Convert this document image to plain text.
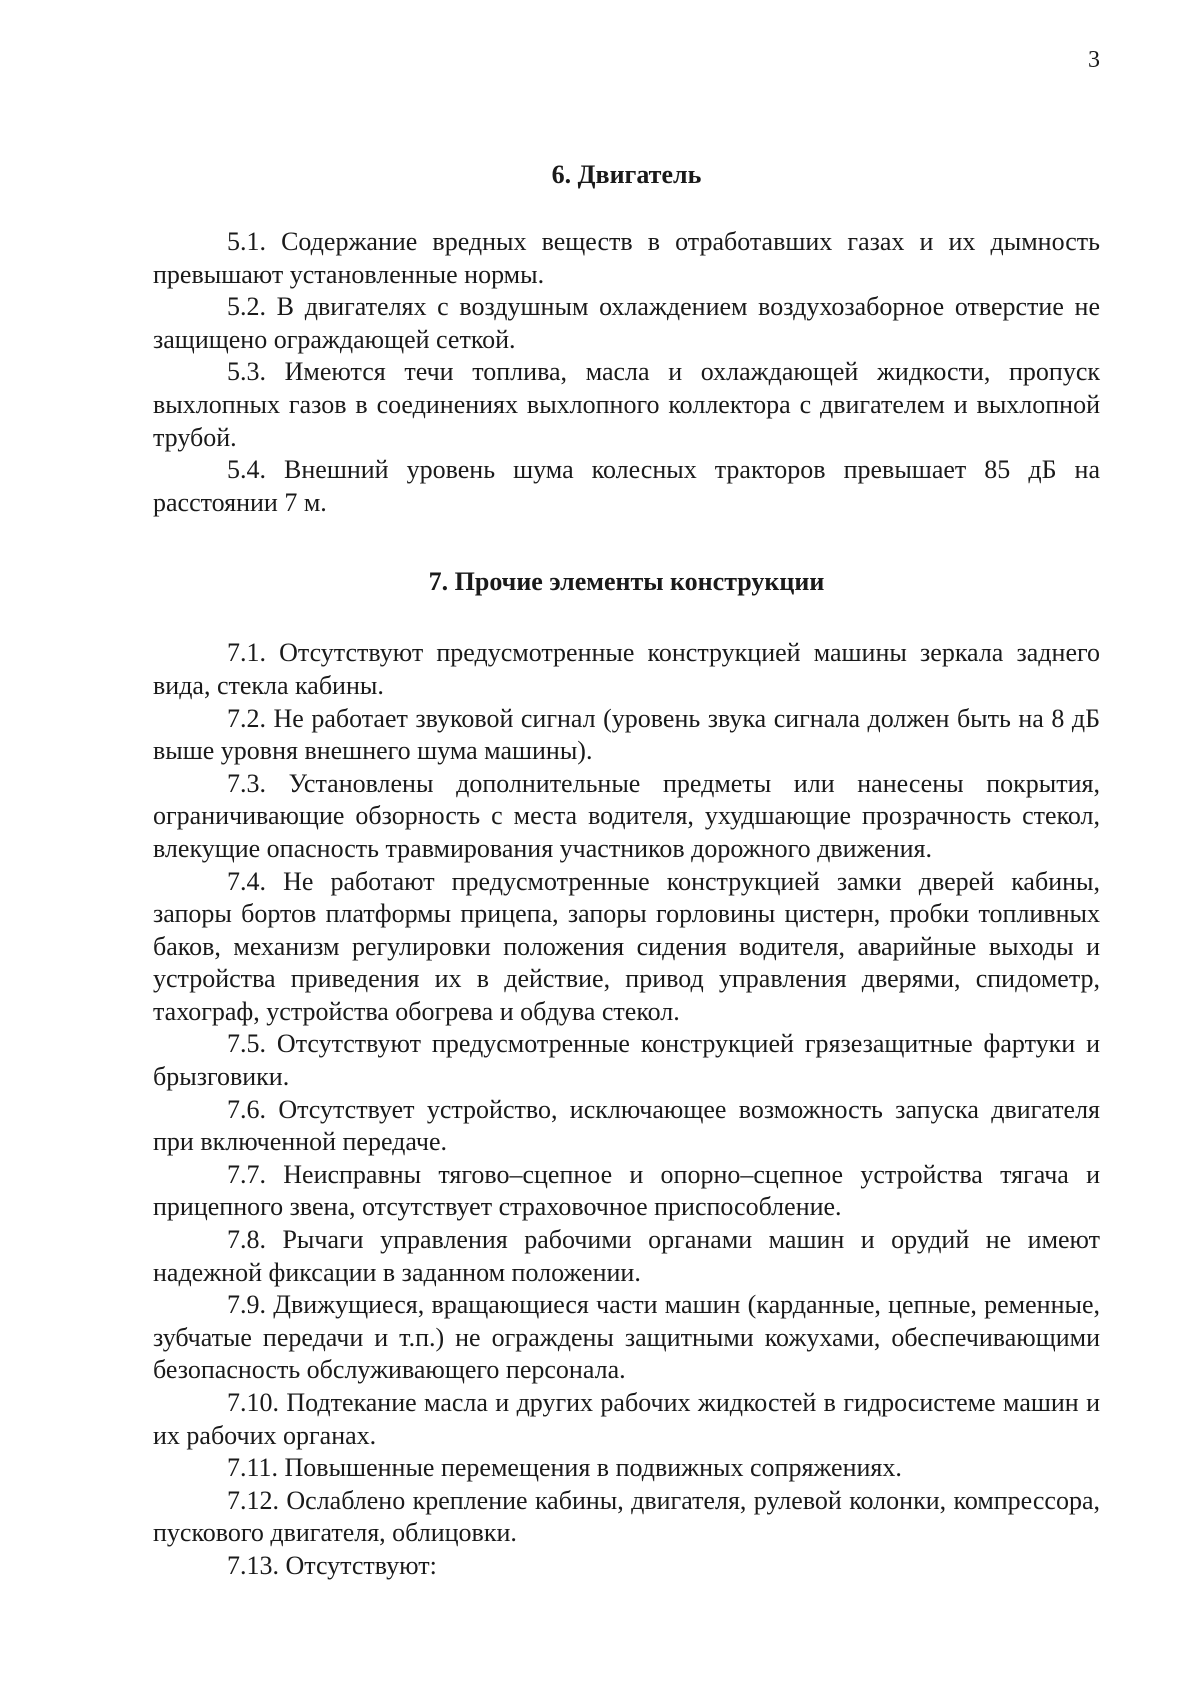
3
6. Двигатель

5.1. Содержание вредных веществ в отработавших газах и их дымность превышают установленные нормы.

5.2. В двигателях с воздушным охлаждением воздухозаборное отверстие не защищено ограждающей сеткой.

5.3. Имеются течи топлива, масла и охлаждающей жидкости, пропуск выхлопных газов в соединениях выхлопного коллектора с двигателем и выхлопной трубой.

5.4. Внешний уровень шума колесных тракторов превышает 85 дБ на расстоянии 7 м.

7. Прочие элементы конструкции

7.1. Отсутствуют предусмотренные конструкцией машины зеркала заднего вида, стекла кабины.

7.2. Не работает звуковой сигнал (уровень звука сигнала должен быть на 8 дБ выше уровня внешнего шума машины).

7.3. Установлены дополнительные предметы или нанесены покрытия, ограничивающие обзорность с места водителя, ухудшающие прозрачность стекол, влекущие опасность травмирования участников дорожного движения.

7.4. Не работают предусмотренные конструкцией замки дверей кабины, запоры бортов платформы прицепа, запоры горловины цистерн, пробки топливных баков, механизм регулировки положения сидения водителя, аварийные выходы и устройства приведения их в действие, привод управления дверями, спидометр, тахограф, устройства обогрева и обдува стекол.

7.5. Отсутствуют предусмотренные конструкцией грязезащитные фартуки и брызговики.

7.6. Отсутствует устройство, исключающее возможность запуска двигателя при включенной передаче.

7.7. Неисправны тягово–сцепное и опорно–сцепное устройства тягача и прицепного звена, отсутствует страховочное приспособление.

7.8. Рычаги управления рабочими органами машин и орудий не имеют надежной фиксации в заданном положении.

7.9. Движущиеся, вращающиеся части машин (карданные, цепные, ременные, зубчатые передачи и т.п.) не ограждены защитными кожухами, обеспечивающими безопасность обслуживающего персонала.

7.10. Подтекание масла и других рабочих жидкостей в гидросистеме машин и их рабочих органах.

7.11. Повышенные перемещения в подвижных сопряжениях.

7.12. Ослаблено крепление кабины, двигателя, рулевой колонки, компрессора, пускового двигателя, облицовки.

7.13. Отсутствуют:
